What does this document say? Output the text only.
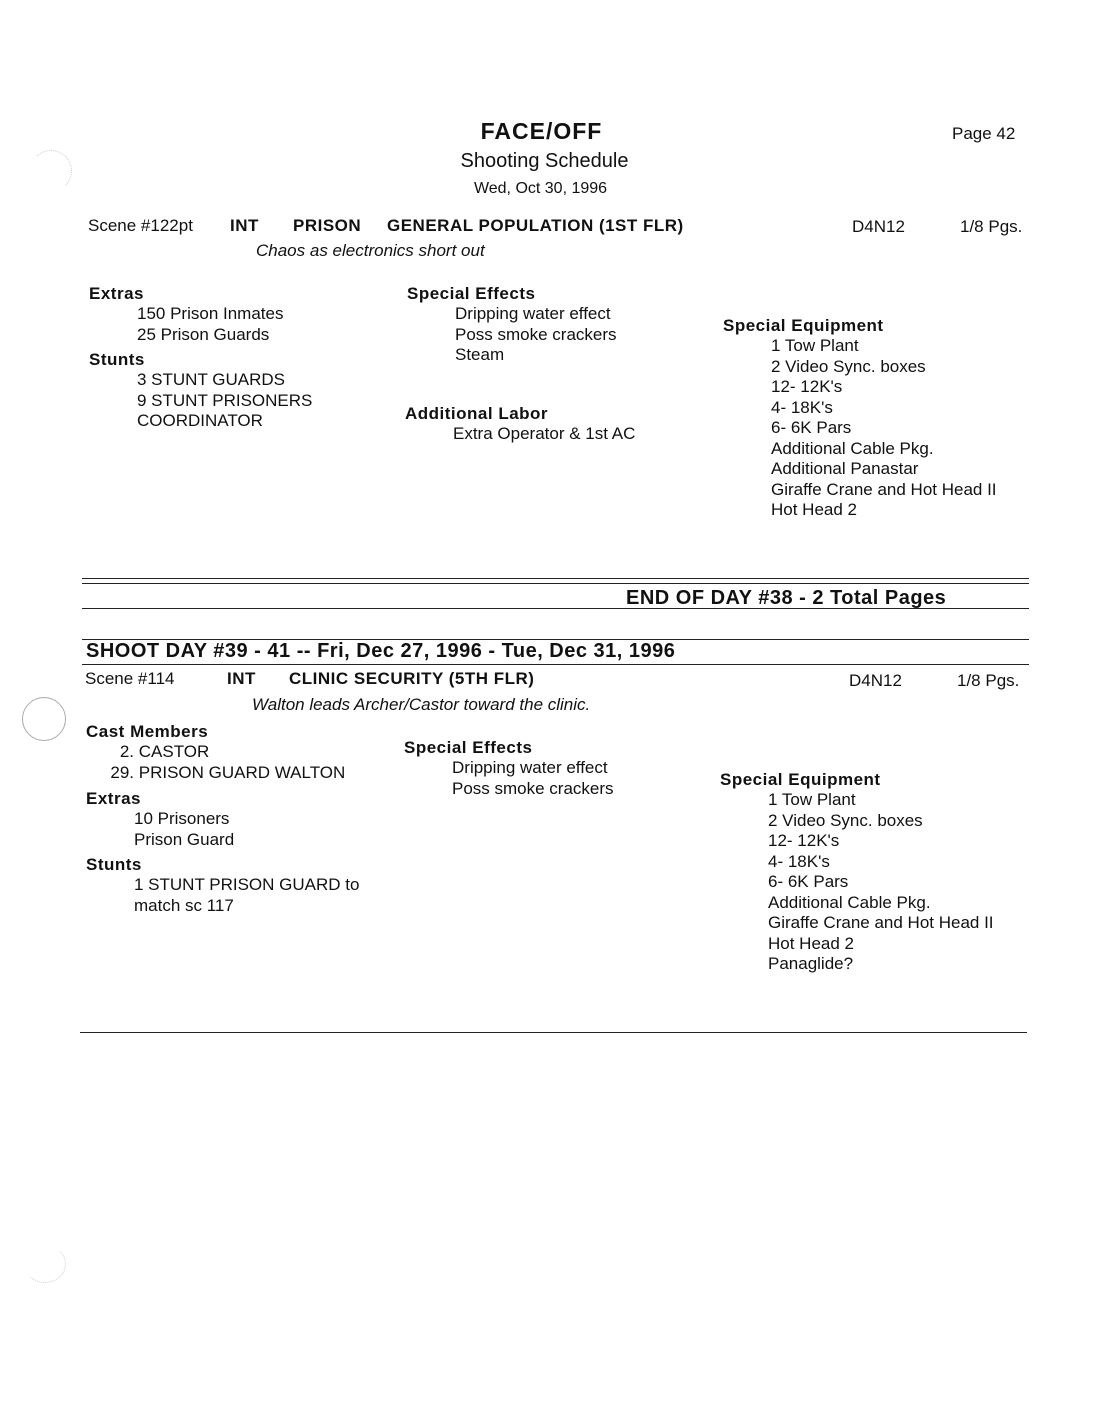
FACE/OFF
Shooting Schedule
Wed, Oct 30, 1996
Page 42
Scene #122pt INT PRISON GENERAL POPULATION (1ST FLR)	D4N12	1/8 Pgs.
Chaos as electronics short out
Extras
150 Prison Inmates
25 Prison Guards
Stunts
3 STUNT GUARDS
9 STUNT PRISONERS
COORDINATOR
Special Effects
Dripping water effect
Poss smoke crackers
Steam
Additional Labor
Extra Operator & 1st AC
Special Equipment
1 Tow Plant
2 Video Sync. boxes
12- 12K's
4- 18K's
6- 6K Pars
Additional Cable Pkg.
Additional Panastar
Giraffe Crane and Hot Head II
Hot Head 2
END OF DAY #38 - 2 Total Pages
SHOOT DAY #39 - 41 -- Fri, Dec 27, 1996 - Tue, Dec 31, 1996
Scene #114	INT CLINIC SECURITY (5TH FLR)	D4N12	1/8 Pgs.
Walton leads Archer/Castor toward the clinic.
Cast Members
2. CASTOR
29. PRISON GUARD WALTON
Extras
10 Prisoners
Prison Guard
Stunts
1 STUNT PRISON GUARD to
match sc 117
Special Effects
Dripping water effect
Poss smoke crackers	Special Equipment
1 Tow Plant
2 Video Sync. boxes
12- 12K's
4- 18K's
6- 6K Pars
Additional Cable Pkg.
Giraffe Crane and Hot Head II
Hot Head 2
Panaglide?
